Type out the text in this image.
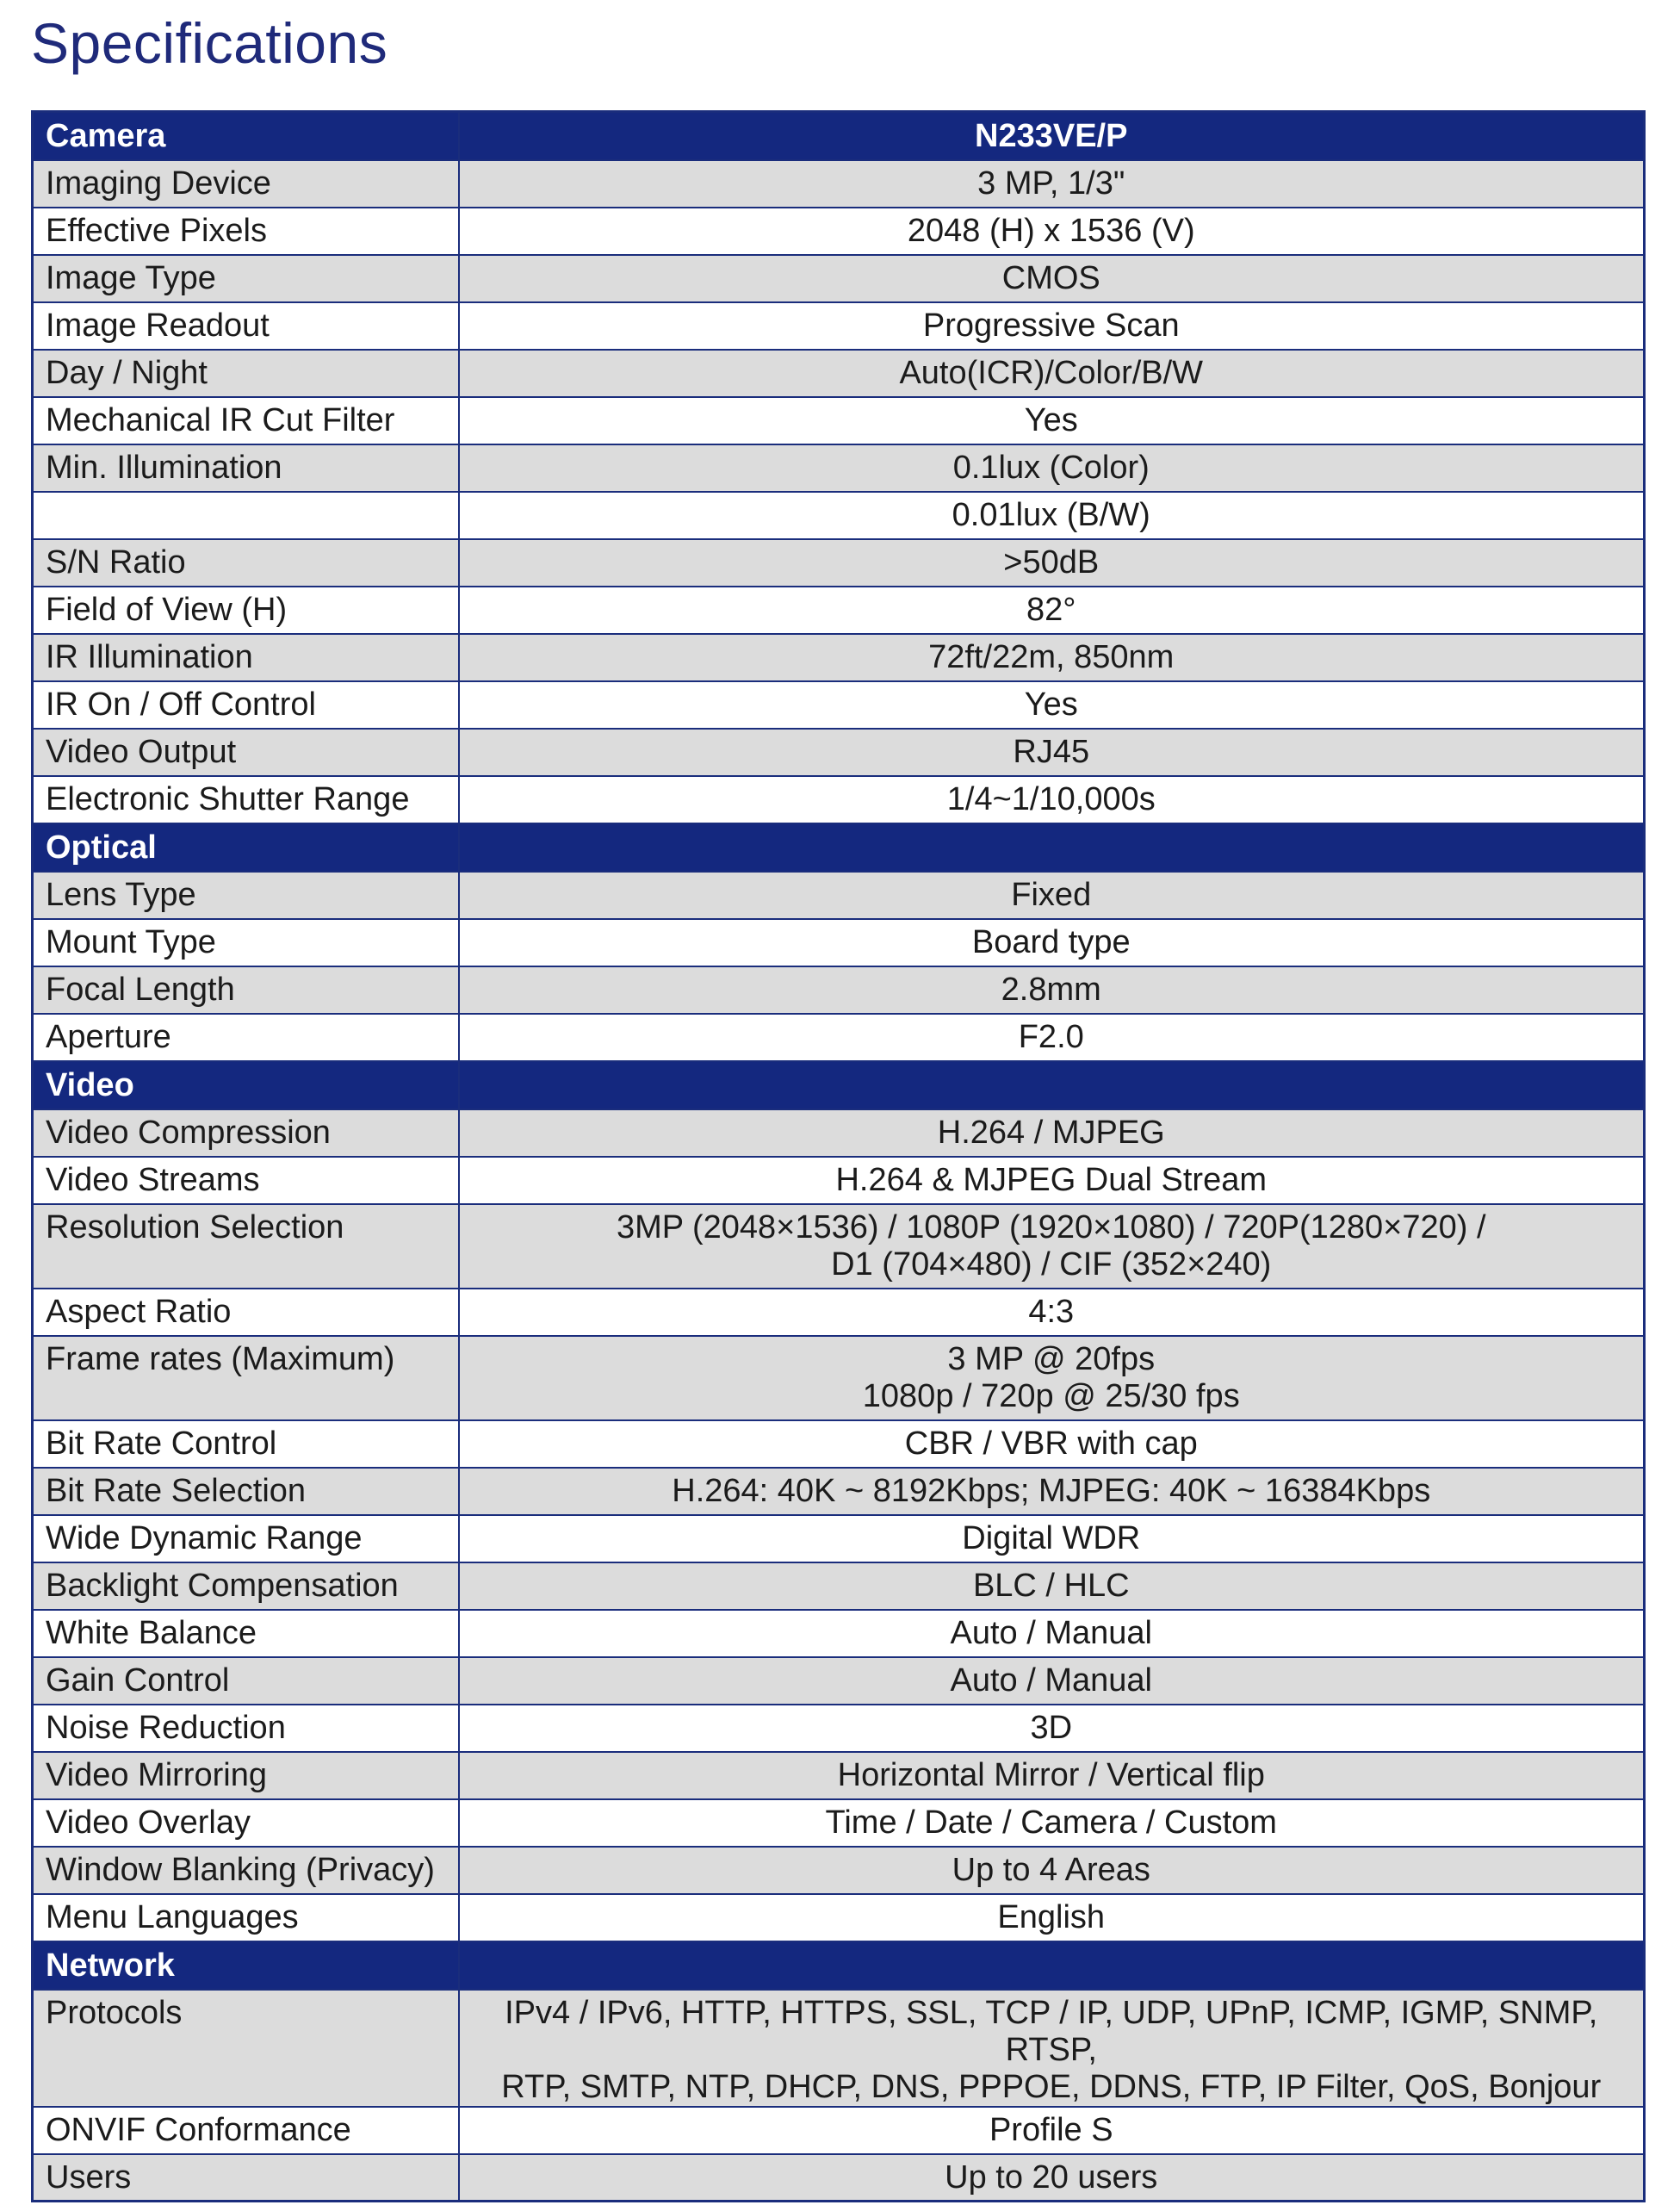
Specifications
Camera	N233VE/P
Imaging Device	3 MP, 1/3"
Effective Pixels	2048 (H) x 1536 (V)
Image Type	CMOS
Image Readout	Progressive Scan
Day / Night	Auto(ICR)/Color/B/W
Mechanical IR Cut Filter	Yes
Min. Illumination	0.1lux (Color)
	0.01lux (B/W)
S/N Ratio	>50dB
Field of View (H)	82°
IR Illumination	72ft/22m, 850nm
IR On / Off Control	Yes
Video Output	RJ45
Electronic Shutter Range	1/4~1/10,000s
Optical	
Lens Type	Fixed
Mount Type	Board type
Focal Length	2.8mm
Aperture	F2.0
Video	
Video Compression	H.264 / MJPEG
Video Streams	H.264 & MJPEG Dual Stream
Resolution Selection	3MP (2048×1536) / 1080P (1920×1080) / 720P(1280×720) /
D1 (704×480) / CIF (352×240)
Aspect Ratio	4:3
Frame rates (Maximum)	3 MP @ 20fps
1080p / 720p @ 25/30 fps
Bit Rate Control	CBR / VBR with cap
Bit Rate Selection	H.264: 40K ~ 8192Kbps; MJPEG: 40K ~ 16384Kbps
Wide Dynamic Range	Digital WDR
Backlight Compensation	BLC / HLC
White Balance	Auto / Manual
Gain Control	Auto / Manual
Noise Reduction	3D
Video Mirroring	Horizontal Mirror / Vertical flip
Video Overlay	Time / Date / Camera / Custom
Window Blanking (Privacy)	Up to 4 Areas
Menu Languages	English
Network	
Protocols	IPv4 / IPv6, HTTP, HTTPS, SSL, TCP / IP, UDP, UPnP, ICMP, IGMP, SNMP, RTSP,
RTP, SMTP, NTP, DHCP, DNS, PPPOE, DDNS, FTP, IP Filter, QoS, Bonjour
ONVIF Conformance	Profile S
Users	Up to 20 users
